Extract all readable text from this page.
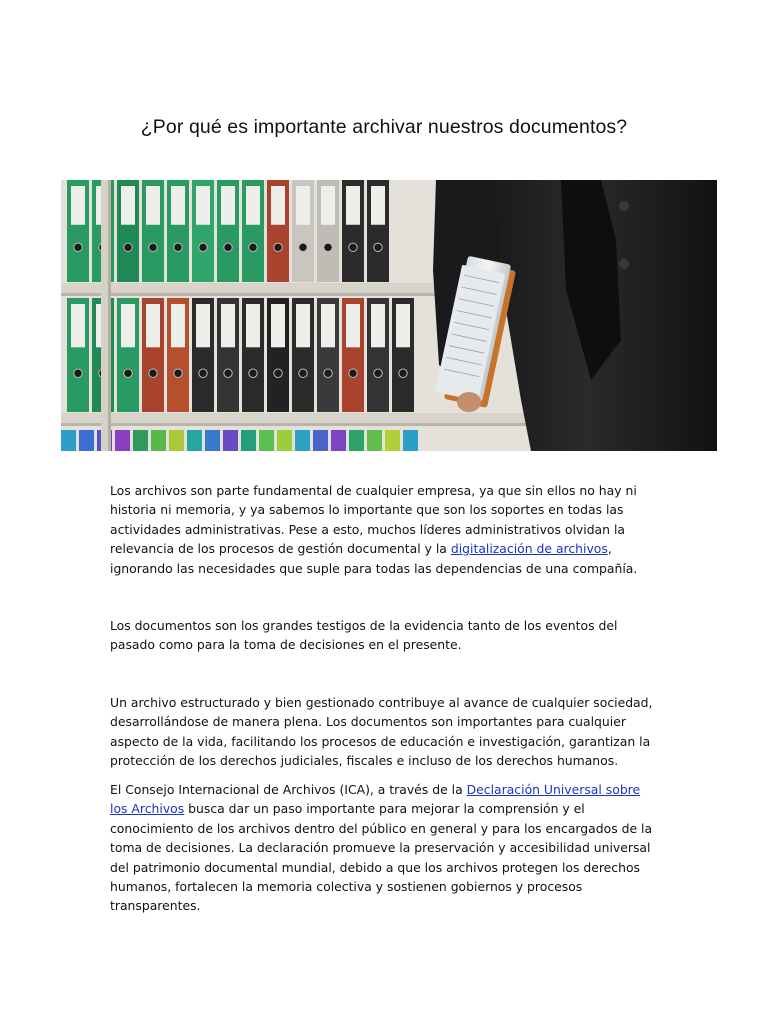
¿Por qué es importante archivar nuestros documentos?

Los archivos son parte fundamental de cualquier empresa, ya que sin ellos no hay ni
historia ni memoria, y ya sabemos lo importante que son los soportes en todas las
actividades administrativas. Pese a esto, muchos líderes administrativos olvidan la
relevancia de los procesos de gestión documental y la digitalización de archivos,
ignorando las necesidades que suple para todas las dependencias de una compañía.

Los documentos son los grandes testigos de la evidencia tanto de los eventos del
pasado como para la toma de decisiones en el presente.

Un archivo estructurado y bien gestionado contribuye al avance de cualquier sociedad,
desarrollándose de manera plena. Los documentos son importantes para cualquier
aspecto de la vida, facilitando los procesos de educación e investigación, garantizan la
protección de los derechos judiciales, fiscales e incluso de los derechos humanos.

El Consejo Internacional de Archivos (ICA), a través de la Declaración Universal sobre
los Archivos busca dar un paso importante para mejorar la comprensión y el
conocimiento de los archivos dentro del público en general y para los encargados de la
toma de decisiones. La declaración promueve la preservación y accesibilidad universal
del patrimonio documental mundial, debido a que los archivos protegen los derechos
humanos, fortalecen la memoria colectiva y sostienen gobiernos y procesos
transparentes.
